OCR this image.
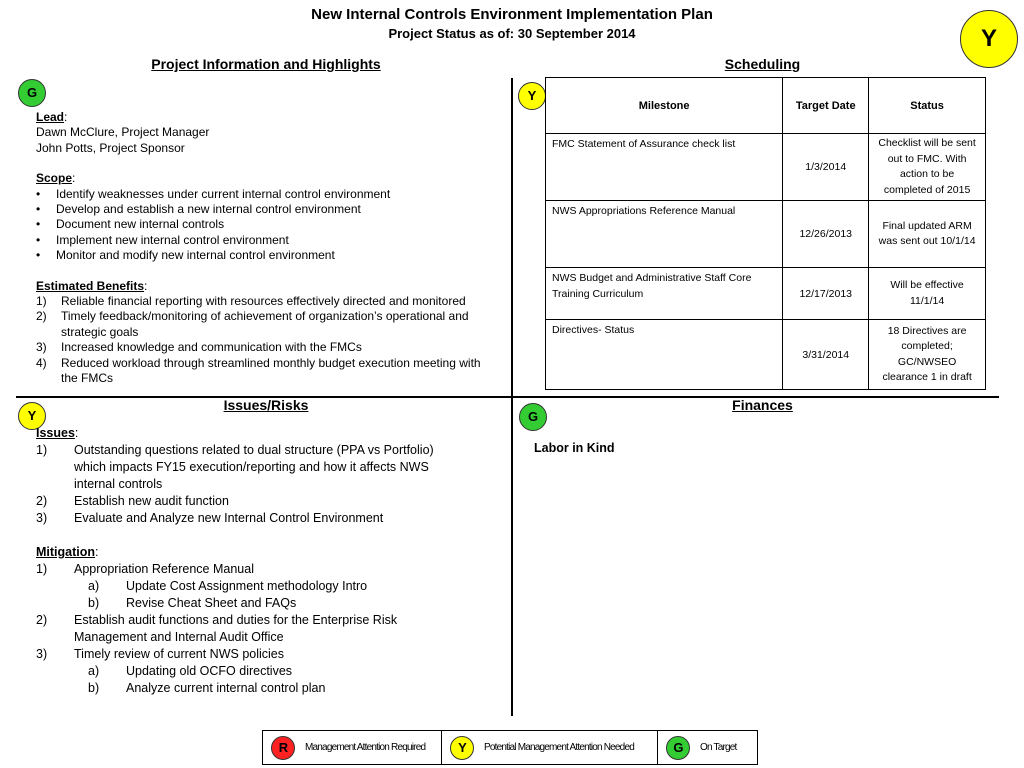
New Internal Controls Environment Implementation Plan
Project Status as of: 30 September 2014	Y
Project Information and Highlights
G
Lead:
Dawn McClure, Project Manager
John Potts, Project Sponsor
Scope:
•	Identify weaknesses under current internal control environment
•	Develop and establish a new internal control environment
•	Document new internal controls
•	Implement new internal control environment
•	Monitor and modify new internal control environment
Estimated Benefits:
1)	Reliable financial reporting with resources effectively directed and monitored
2)	Timely feedback/monitoring of achievement of organization’s operational and strategic goals
3)	Increased knowledge and communication with the FMCs
4)	Reduced workload through streamlined monthly budget execution meeting with the FMCs
Scheduling
Y
Milestone	Target Date	Status
FMC Statement of Assurance check list	1/3/2014	Checklist will be sent out to FMC. With action to be completed of 2015
NWS Appropriations Reference Manual	12/26/2013	Final updated ARM was sent out 10/1/14
NWS Budget and Administrative Staff Core Training Curriculum	12/17/2013	Will be effective 11/1/14
Directives- Status	3/31/2014	18 Directives are completed; GC/NWSEO clearance 1 in draft
Issues/Risks
Y
Issues:
1)	Outstanding questions related to dual structure (PPA vs Portfolio) which impacts FY15 execution/reporting and how it affects NWS internal controls
2)	Establish new audit function
3)	Evaluate and Analyze new Internal Control Environment
Mitigation:
1)	Appropriation Reference Manual
a)	Update Cost Assignment methodology Intro
b)	Revise Cheat Sheet and FAQs
2)	Establish audit functions and duties for the Enterprise Risk Management and Internal Audit Office
3)	Timely review of current NWS policies
a)	Updating old OCFO directives
b)	Analyze current internal control plan
Finances
G
Labor in Kind
R	Management Attention Required	Y	Potential Management Attention Needed	G	On Target
